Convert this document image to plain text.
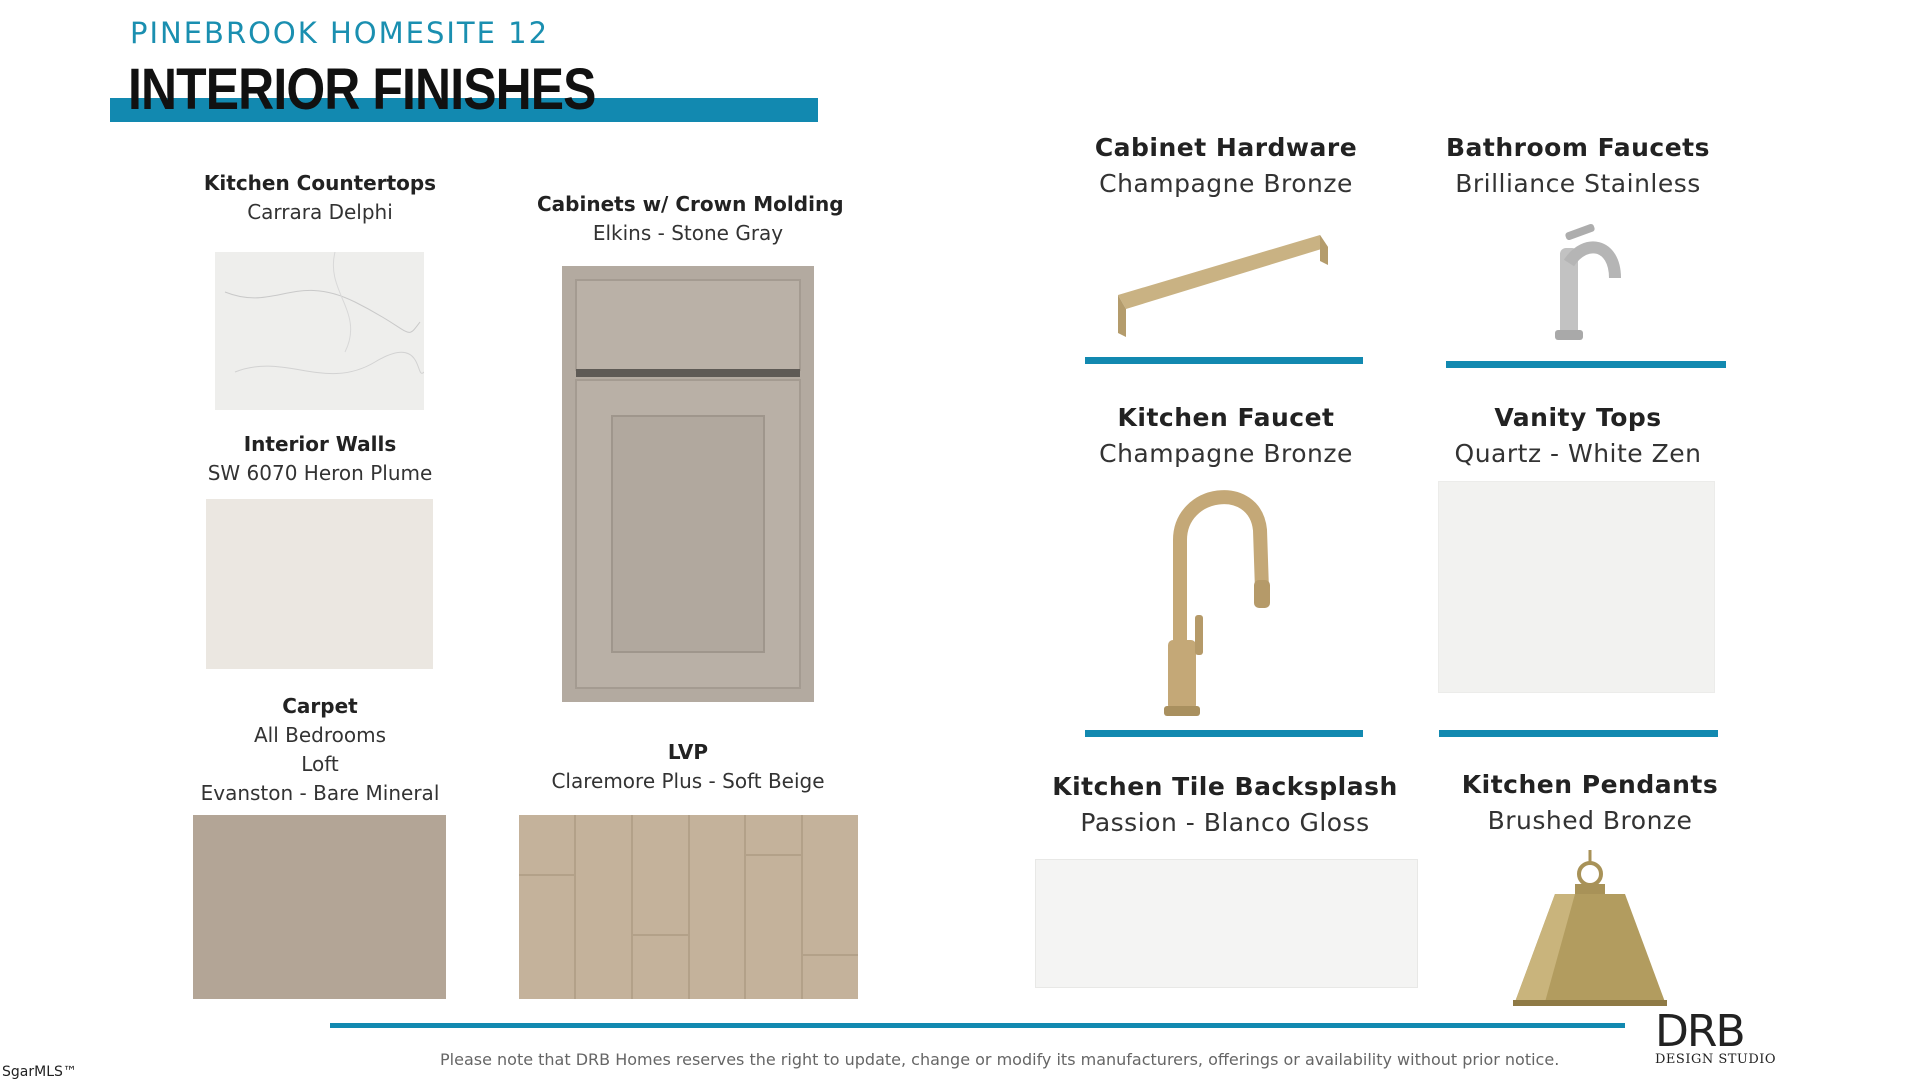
PINEBROOK HOMESITE 12
INTERIOR FINISHES
Kitchen Countertops
Carrara Delphi	Cabinets w/ Crown Molding
Elkins - Stone Gray
Interior Walls
SW 6070 Heron Plume
Carpet
All Bedrooms
Loft
Evanston - Bare Mineral
LVP
Claremore Plus - Soft Beige
Cabinet Hardware
Champagne Bronze
Bathroom Faucets
Brilliance Stainless
Kitchen Faucet
Champagne Bronze
Vanity Tops
Quartz - White Zen
Kitchen Tile Backsplash
Passion - Blanco Gloss
Kitchen Pendants
Brushed Bronze
Please note that DRB Homes reserves the right to update, change or modify its manufacturers, offerings or availability without prior notice.
DRB
DESIGN STUDIO
SgarMLS™
